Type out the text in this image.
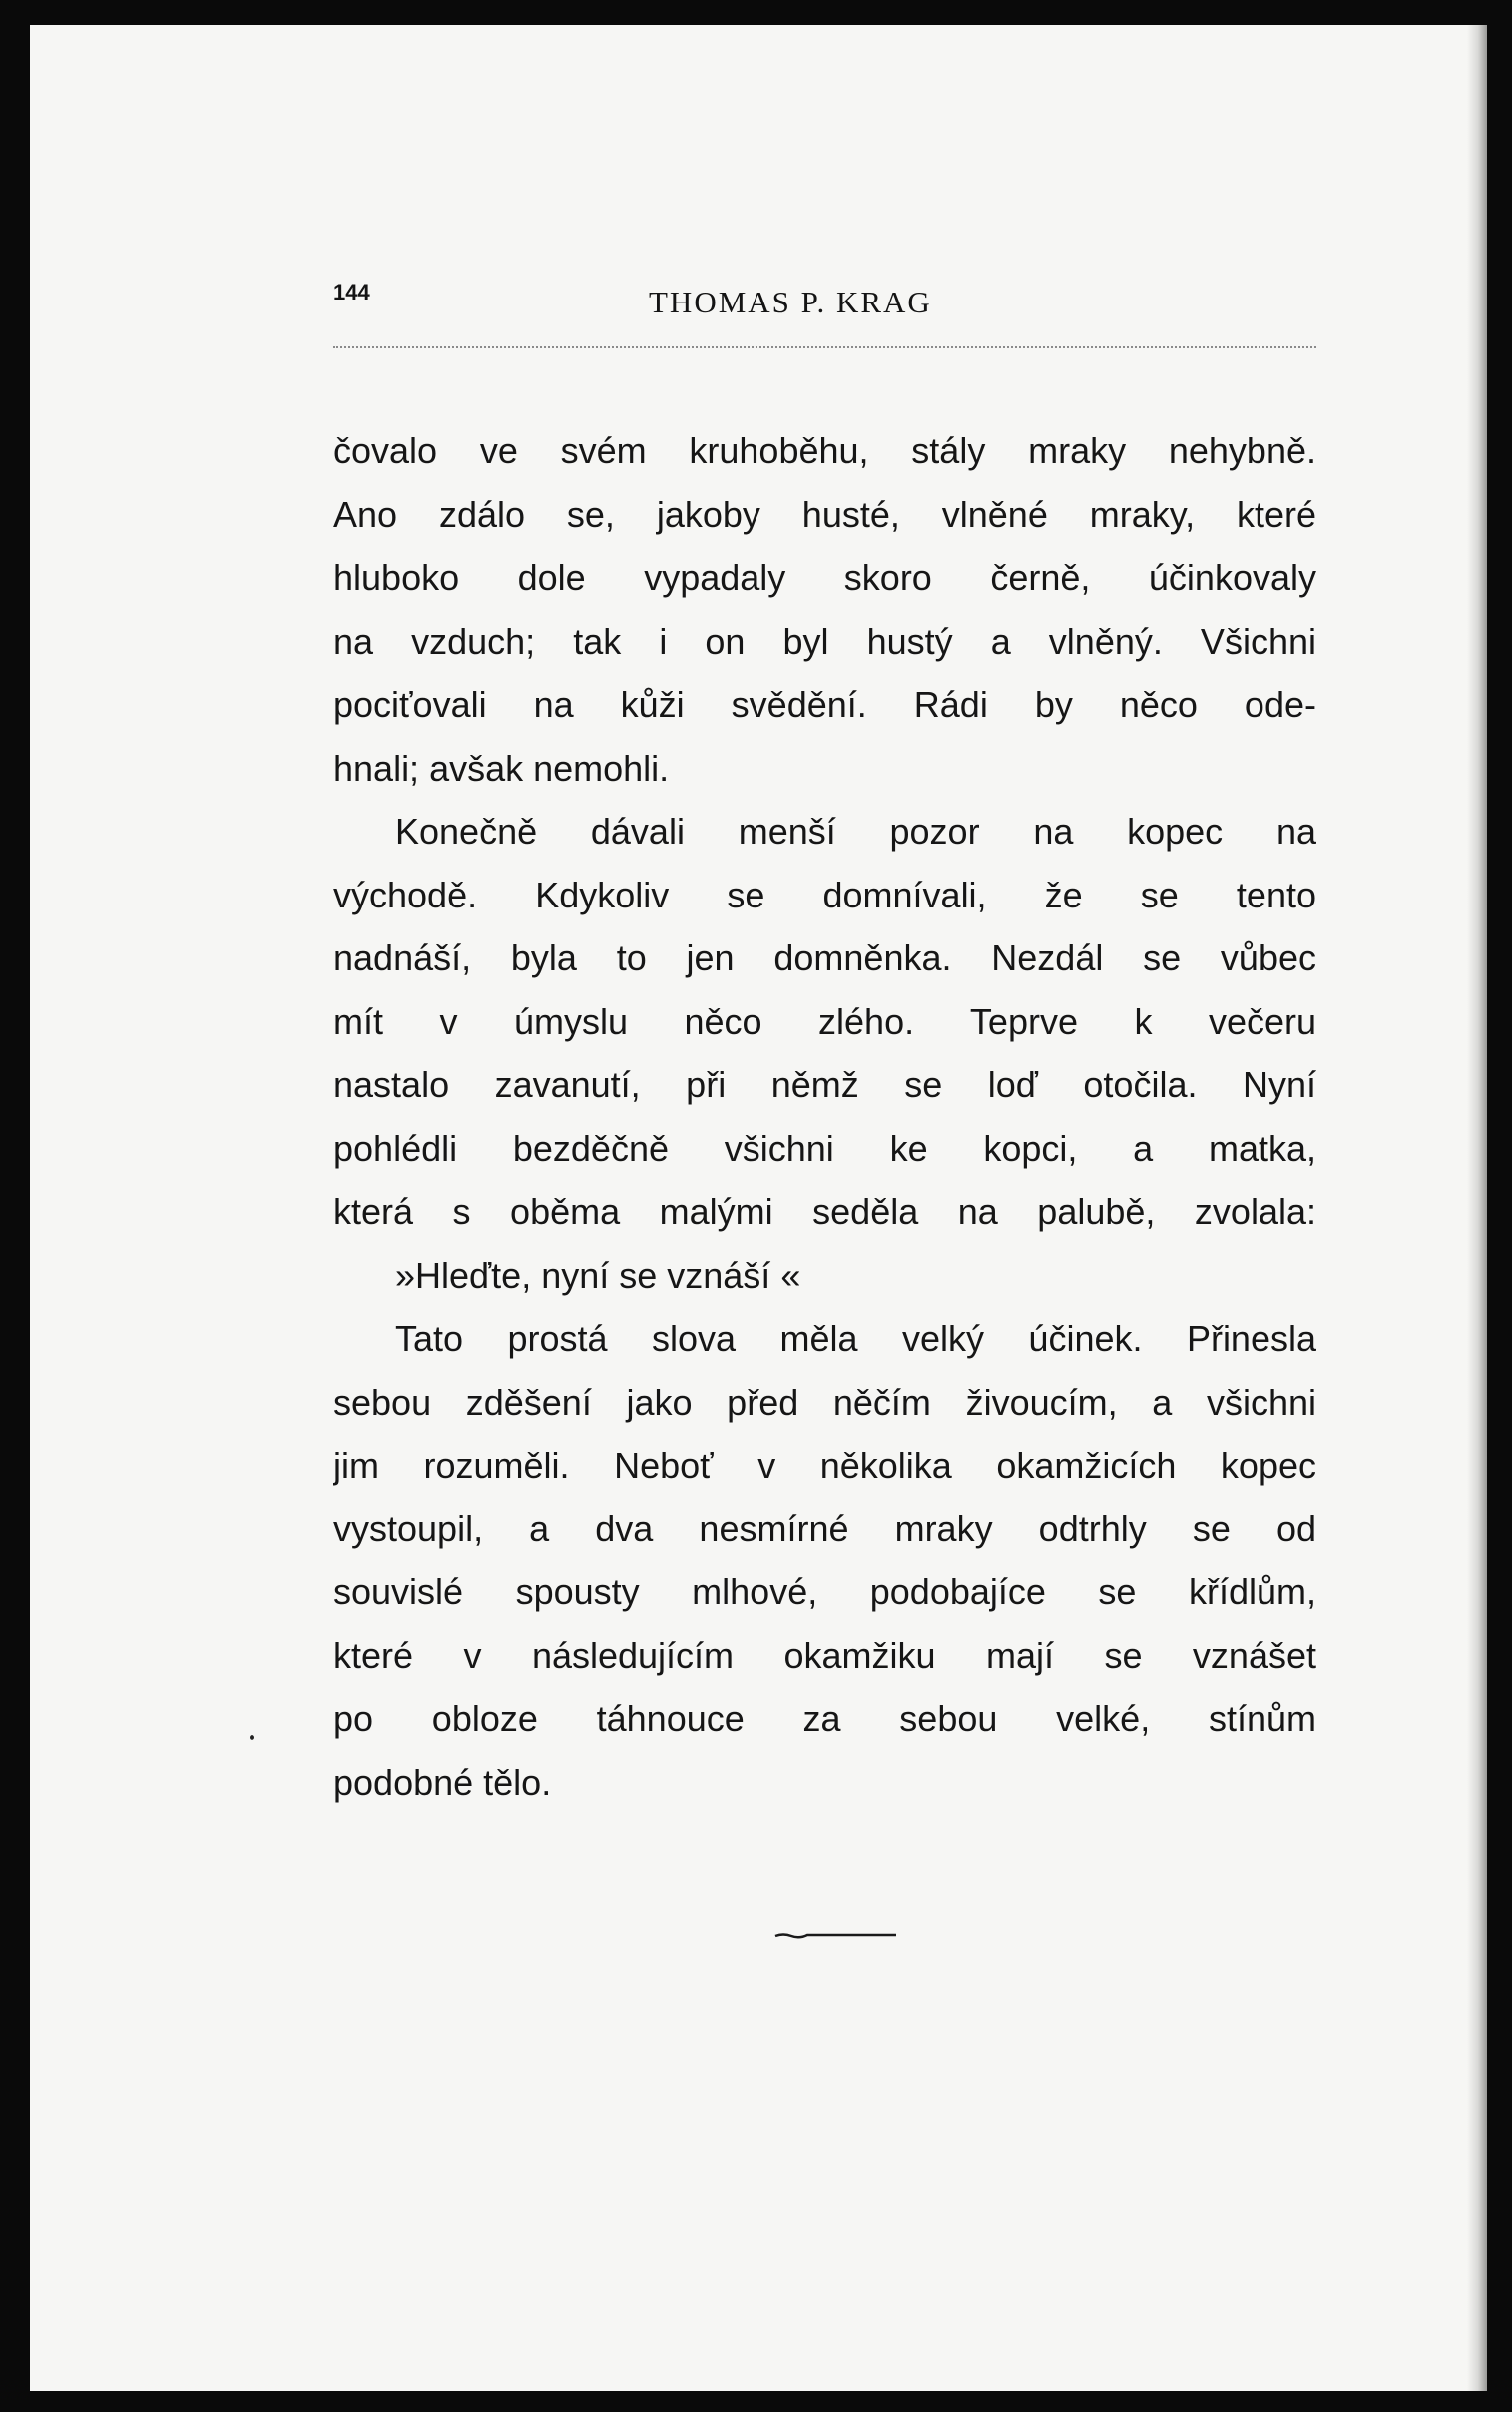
144	THOMAS P. KRAG
čovalo ve svém kruhoběhu, stály mraky nehybně.
Ano zdálo se, jakoby husté, vlněné mraky, které
hluboko dole vypadaly skoro černě, účinkovaly
na vzduch; tak i on byl hustý a vlněný. Všichni
pociťovali na kůži svědění. Rádi by něco ode-
hnali; avšak nemohli.
Konečně dávali menší pozor na kopec na
východě. Kdykoliv se domnívali, že se tento
nadnáší, byla to jen domněnka. Nezdál se vůbec
mít v úmyslu něco zlého. Teprve k večeru
nastalo zavanutí, při němž se loď otočila. Nyní
pohlédli bezděčně všichni ke kopci, a matka,
která s oběma malými seděla na palubě, zvolala:
»Hleďte, nyní se vznáší «
Tato prostá slova měla velký účinek. Přinesla
sebou zděšení jako před něčím živoucím, a všichni
jim rozuměli. Neboť v několika okamžicích kopec
vystoupil, a dva nesmírné mraky odtrhly se od
souvislé spousty mlhové, podobajíce se křídlům,
které v následujícím okamžiku mají se vznášet
po obloze táhnouce za sebou velké, stínům
podobné tělo.
